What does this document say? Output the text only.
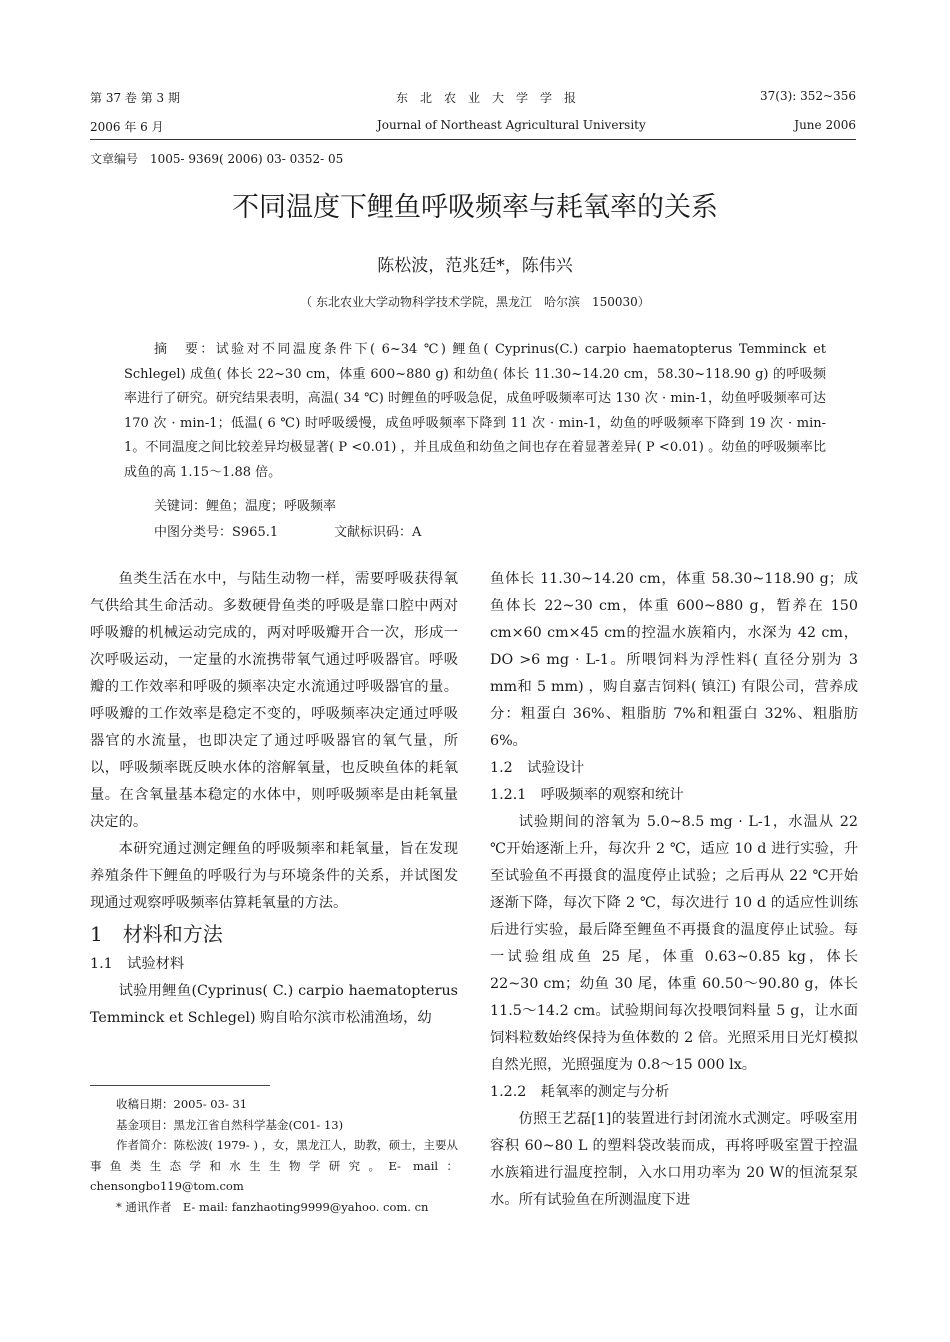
第 37 卷 第 3 期	东　北　农　业　大　学　学　报	37(3): 352~356
2006 年 6 月	Journal of Northeast Agricultural University	June 2006
文章编号　1005- 9369( 2006) 03- 0352- 05
不同温度下鲤鱼呼吸频率与耗氧率的关系
陈松波，范兆廷*，陈伟兴
（ 东北农业大学动物科学技术学院，黑龙江　哈尔滨　150030）
摘　要：试验对不同温度条件下( 6~34 ℃) 鲤鱼( Cyprinus(C.) carpio haematopterus Temminck et Schlegel) 成鱼( 体长 22~30 cm，体重 600~880 g) 和幼鱼( 体长 11.30~14.20 cm，58.30~118.90 g) 的呼吸频率进行了研究。研究结果表明，高温( 34 ℃) 时鲤鱼的呼吸急促，成鱼呼吸频率可达 130 次 · min-1，幼鱼呼吸频率可达 170 次 · min-1；低温( 6 ℃) 时呼吸缓慢，成鱼呼吸频率下降到 11 次 · min-1，幼鱼的呼吸频率下降到 19 次 · min-1。不同温度之间比较差异均极显著( P <0.01) ，并且成鱼和幼鱼之间也存在着显著差异( P <0.01) 。幼鱼的呼吸频率比成鱼的高 1.15～1.88 倍。
关键词：鲤鱼；温度；呼吸频率
中图分类号：S965.1	文献标识码：A

鱼类生活在水中，与陆生动物一样，需要呼吸获得氧气供给其生命活动。多数硬骨鱼类的呼吸是靠口腔中两对呼吸瓣的机械运动完成的，两对呼吸瓣开合一次，形成一次呼吸运动，一定量的水流携带氧气通过呼吸器官。呼吸瓣的工作效率和呼吸的频率决定水流通过呼吸器官的量。呼吸瓣的工作效率是稳定不变的，呼吸频率决定通过呼吸器官的水流量，也即决定了通过呼吸器官的氧气量，所以，呼吸频率既反映水体的溶解氧量，也反映鱼体的耗氧量。在含氧量基本稳定的水体中，则呼吸频率是由耗氧量决定的。

本研究通过测定鲤鱼的呼吸频率和耗氧量，旨在发现养殖条件下鲤鱼的呼吸行为与环境条件的关系，并试图发现通过观察呼吸频率估算耗氧量的方法。

1　材料和方法

1.1　试验材料

试验用鲤鱼(Cyprinus( C.) carpio haematopterus Temminck et Schlegel) 购自哈尔滨市松浦渔场，幼

收稿日期：2005- 03- 31

基金项目：黑龙江省自然科学基金(C01- 13)

作者简介：陈松波( 1979- ) ，女，黑龙江人，助教，硕士，主要从事鱼类生态学和水生生物学研究。E- mail：chensongbo119@tom.com

* 通讯作者　E- mail: fanzhaoting9999@yahoo. com. cn

鱼体长 11.30~14.20 cm，体重 58.30~118.90 g；成鱼体长 22~30 cm，体重 600~880 g，暂养在 150 cm×60 cm×45 cm的控温水族箱内，水深为 42 cm，DO >6 mg · L-1。所喂饲料为浮性料( 直径分别为 3 mm和 5 mm) ，购自嘉吉饲料( 镇江) 有限公司，营养成分：粗蛋白 36%、粗脂肪 7%和粗蛋白 32%、粗脂肪 6%。

1.2　试验设计

1.2.1　呼吸频率的观察和统计

试验期间的溶氧为 5.0~8.5 mg · L-1，水温从 22 ℃开始逐渐上升，每次升 2 ℃，适应 10 d 进行实验，升至试验鱼不再摄食的温度停止试验；之后再从 22 ℃开始逐渐下降，每次下降 2 ℃，每次进行 10 d 的适应性训练后进行实验，最后降至鲤鱼不再摄食的温度停止试验。每一试验组成鱼 25 尾，体重 0.63~0.85 kg，体长 22~30 cm；幼鱼 30 尾，体重 60.50～90.80 g，体长 11.5～14.2 cm。试验期间每次投喂饲料量 5 g，让水面饲料粒数始终保持为鱼体数的 2 倍。光照采用日光灯模拟自然光照，光照强度为 0.8～15 000 lx。

1.2.2　耗氧率的测定与分析

仿照王艺磊[1]的装置进行封闭流水式测定。呼吸室用容积 60~80 L 的塑料袋改装而成，再将呼吸室置于控温水族箱进行温度控制，入水口用功率为 20 W的恒流泵泵水。所有试验鱼在所测温度下进
